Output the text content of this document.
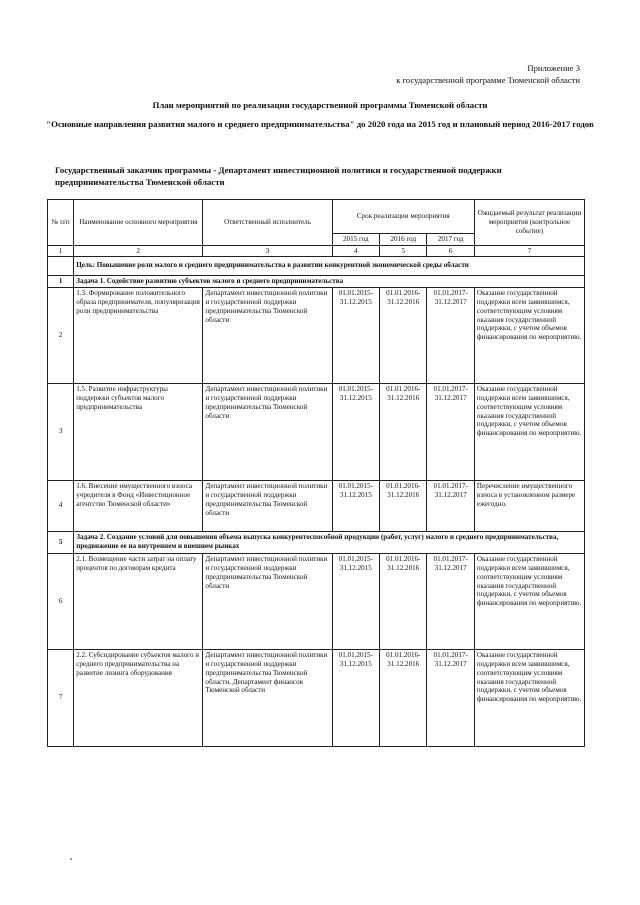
Приложение 3
к государственной программе Тюменской области
План мероприятий по реализации государственной программы Тюменской области
"Основные направления развития малого и среднего предпринимательства" до 2020 года на 2015 год и плановый период 2016-2017 годов
Государственный заказчик программы - Департамент инвестиционной политики и государственной поддержки предпринимательства Тюменской области
№ п/п	Наименование основного мероприятия	Ответственный исполнитель	Срок реализации мероприятия			Ожидаемый результат реализации мероприятия (контрольное событие)
			2015 год	2016 год	2017 год	
1	2	3	4	5	6	7
	Цель: Повышение роли малого и среднего предпринимательства в развитии конкурентной экономической среды области					
1	Задача 1. Содействие развитию субъектов малого и среднего предпринимательства					
2	1.3. Формирование положительного образа предпринимателя, популяризация роли предпринимательства	Департамент инвестиционной политики и государственной поддержки предпринимательства Тюменской области	01.01.2015-31.12.2015	01.01.2016-31.12.2016	01.01.2017-31.12.2017	Оказание государственной поддержки всем заявившимся, соответствующим условиям оказания государственной поддержки, с учетом объемов финансирования по мероприятию.
3	1.5. Развитие инфраструктуры поддержки субъектов малого предпринимательства	Департамент инвестиционной политики и государственной поддержки предпринимательства Тюменской области	01.01.2015-31.12.2015	01.01.2016-31.12.2016	01.01.2017-31.12.2017	Оказание государственной поддержки всем заявившимся, соответствующим условиям оказания государственной поддержки, с учетом объемов финансирования по мероприятию.
4	1.6. Внесение имущественного взноса учредителя в Фонд «Инвестиционное агентство Тюменской области»	Департамент инвестиционной политики и государственной поддержки предпринимательства Тюменской области	01.01.2015-31.12.2015	01.01.2016-31.12.2016	01.01.2017-31.12.2017	Перечисление имущественного взноса в установленном размере ежегодно.
5	Задача 2. Создание условий для повышения объема выпуска конкурентоспособной продукции (работ, услуг) малого и среднего предпринимательства, продвижение ее на внутреннем и внешнем рынках					
6	2.1. Возмещение части затрат на оплату процентов по договорам кредита	Департамент инвестиционной политики и государственной поддержки предпринимательства Тюменской области	01.01.2015-31.12.2015	01.01.2016-31.12.2016	01.01.2017-31.12.2017	Оказание государственной поддержки всем заявившимся, соответствующим условиям оказания государственной поддержки, с учетом объемов финансирования по мероприятию.
7	2.2. Субсидирование субъектов малого и среднего предпринимательства на развитие лизинга оборудования	Департамент инвестиционной политики и государственной поддержки предпринимательства Тюменской области, Департамент финансов Тюменской области	01.01.2015-31.12.2015	01.01.2016-31.12.2016	01.01.2017-31.12.2017	Оказание государственной поддержки всем заявившимся, соответствующим условиям оказания государственной поддержки, с учетом объемов финансирования по мероприятию.
